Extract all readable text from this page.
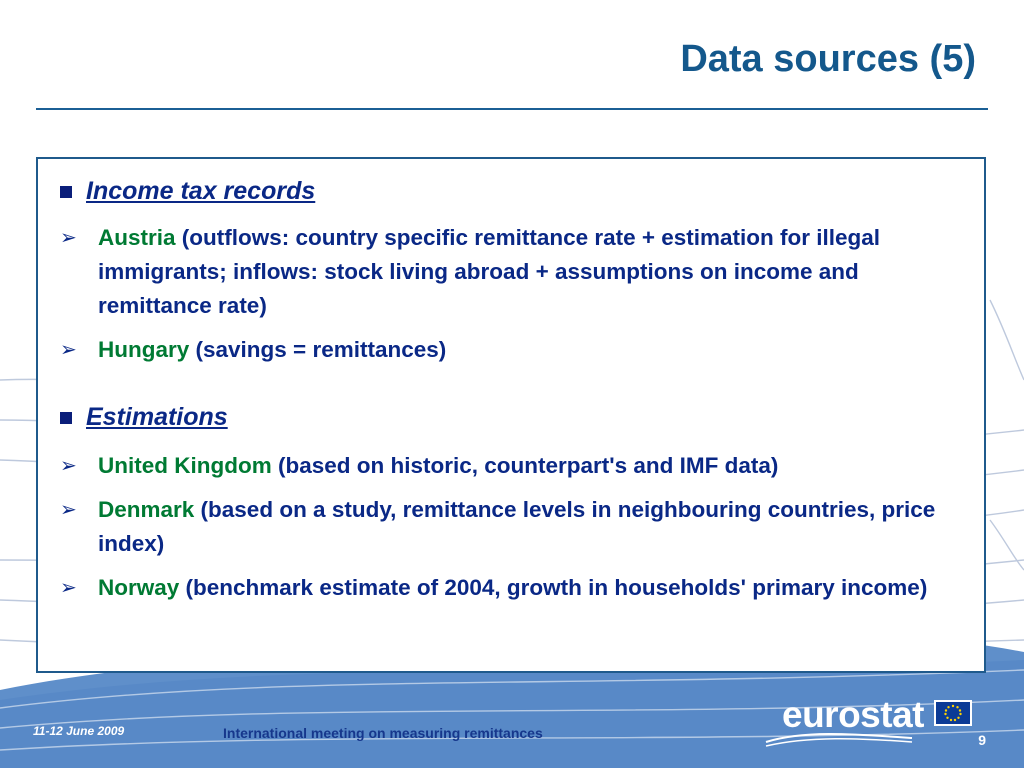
Data sources (5)
Income tax records
➢ Austria (outflows: country specific remittance rate + estimation for illegal immigrants; inflows: stock living abroad + assumptions on income and remittance rate)
➢ Hungary (savings = remittances)
Estimations
➢ United Kingdom (based on historic, counterpart's and IMF data)
➢ Denmark (based on a study, remittance levels in neighbouring countries, price index)
➢ Norway (benchmark estimate of 2004, growth in households' primary income)
11-12 June 2009	International meeting on measuring remittances	9
eurostat
